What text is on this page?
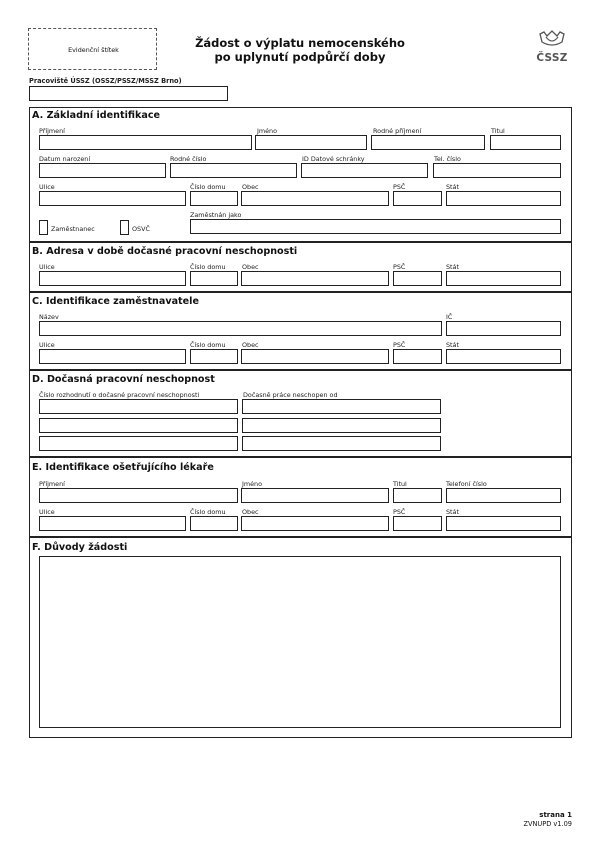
Evidenční štítek	Žádost o výplatu nemocenského
po uplynutí podpůrčí doby	ČSSZ
Pracoviště ÚSSZ (OSSZ/PSSZ/MSSZ Brno)
A. Základní identifikace
Příjmení	Jméno	Rodné příjmení	Titul
Datum narození	Rodné číslo	ID Datové schránky	Tel. číslo
Ulice	Číslo domu	Obec	PSČ	Stát
Zaměstnanec	OSVČ
Zaměstnán jako
B. Adresa v době dočasné pracovní neschopnosti
Ulice	Číslo domu	Obec	PSČ	Stát
C. Identifikace zaměstnavatele
Název	IČ
Ulice	Číslo domu	Obec	PSČ	Stát
D. Dočasná pracovní neschopnost
Číslo rozhodnutí o dočasné pracovní neschopnosti	Dočasně práce neschopen od
E. Identifikace ošetřujícího lékaře
Příjmení	Jméno	Titul	Telefoní číslo
Ulice	Číslo domu	Obec	PSČ	Stát
F. Důvody žádosti
strana 1
ZVNUPD v1.09
